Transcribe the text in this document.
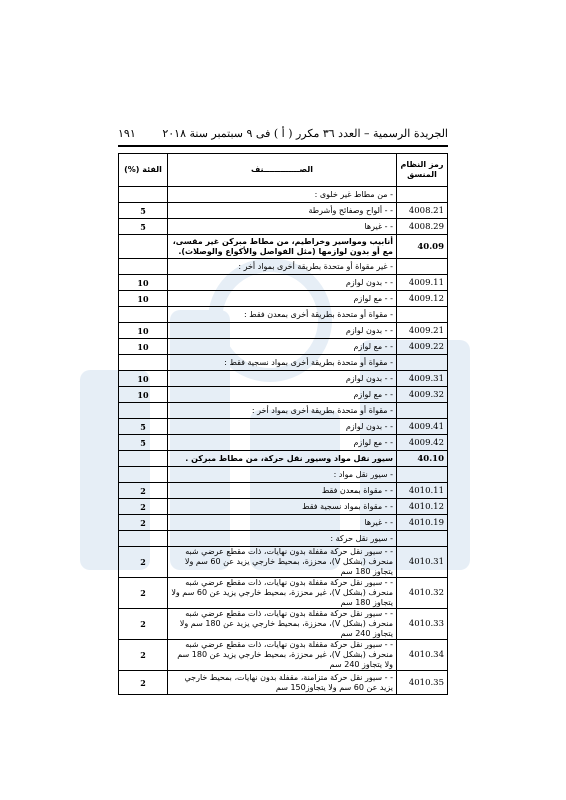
الجريدة الرسمية – العدد ٣٦ مكرر ( أ ) فى ٩ سبتمبر سنة ٢٠١٨
١٩١
رمز النظام المنسق	الصـــــــــــــنف	الفئة (%)
	- من مطاط غير خلوى :	
4008.21	- - ألواح وصفائح وأشرطة	5
4008.29	- - غيرها	5
40.09	أنابيب ومواسير وخراطيم، من مطاط مبركن غير مقسى، مع أو بدون لوازمها (مثل الفواصل والأكواع والوصلات).	
	- غير مقواة أو متحدة بطريقة أخرى بمواد أخر :	
4009.11	- - بدون لوازم	10
4009.12	- - مع لوازم	10
	- مقواة أو متحدة بطريقة أخرى بمعدن فقط :	
4009.21	- - بدون لوازم	10
4009.22	- - مع لوازم	10
	- مقواة أو متحدة بطريقة أخرى بمواد نسجية فقط :	
4009.31	- - بدون لوازم	10
4009.32	- - مع لوازم	10
	- مقواة أو متحدة بطريقة أخرى بمواد أخر :	
4009.41	- - بدون لوازم	5
4009.42	- - مع لوازم	5
40.10	سيور نقل مواد وسيور نقل حركة، من مطاط مبركن .	
	- سيور نقل مواد :	
4010.11	- - مقواة بمعدن فقط	2
4010.12	- - مقواة بمواد نسجية فقط	2
4010.19	- - غيرها	2
	- سيور نقل حركة :	
4010.31	- - سيور نقل حركة مقفلة بدون نهايات، ذات مقطع عرضي شبه منحرف (بشكل V)، محززة، بمحيط خارجي يزيد عن 60 سم ولا يتجاوز 180 سم	2
4010.32	- - سيور نقل حركة مقفلة بدون نهايات، ذات مقطع عرضي شبه منحرف (بشكل V)، غير محززة، بمحيط خارجي يزيد عن 60 سم ولا يتجاوز 180 سم	2
4010.33	- - سيور نقل حركة مقفلة بدون نهايات، ذات مقطع عرضي شبه منحرف (بشكل V)، محززة، بمحيط خارجي يزيد عن 180 سم ولا يتجاوز 240 سم	2
4010.34	- - سيور نقل حركة مقفلة بدون نهايات، ذات مقطع عرضي شبه منحرف (بشكل V)، غير محززة، بمحيط خارجي يزيد عن 180 سم ولا يتجاوز 240 سم	2
4010.35	- - سيور نقل حركة متزامنة، مقفلة بدون نهايات، بمحيط خارجي يزيد عن 60 سم ولا يتجاوز150 سم	2
